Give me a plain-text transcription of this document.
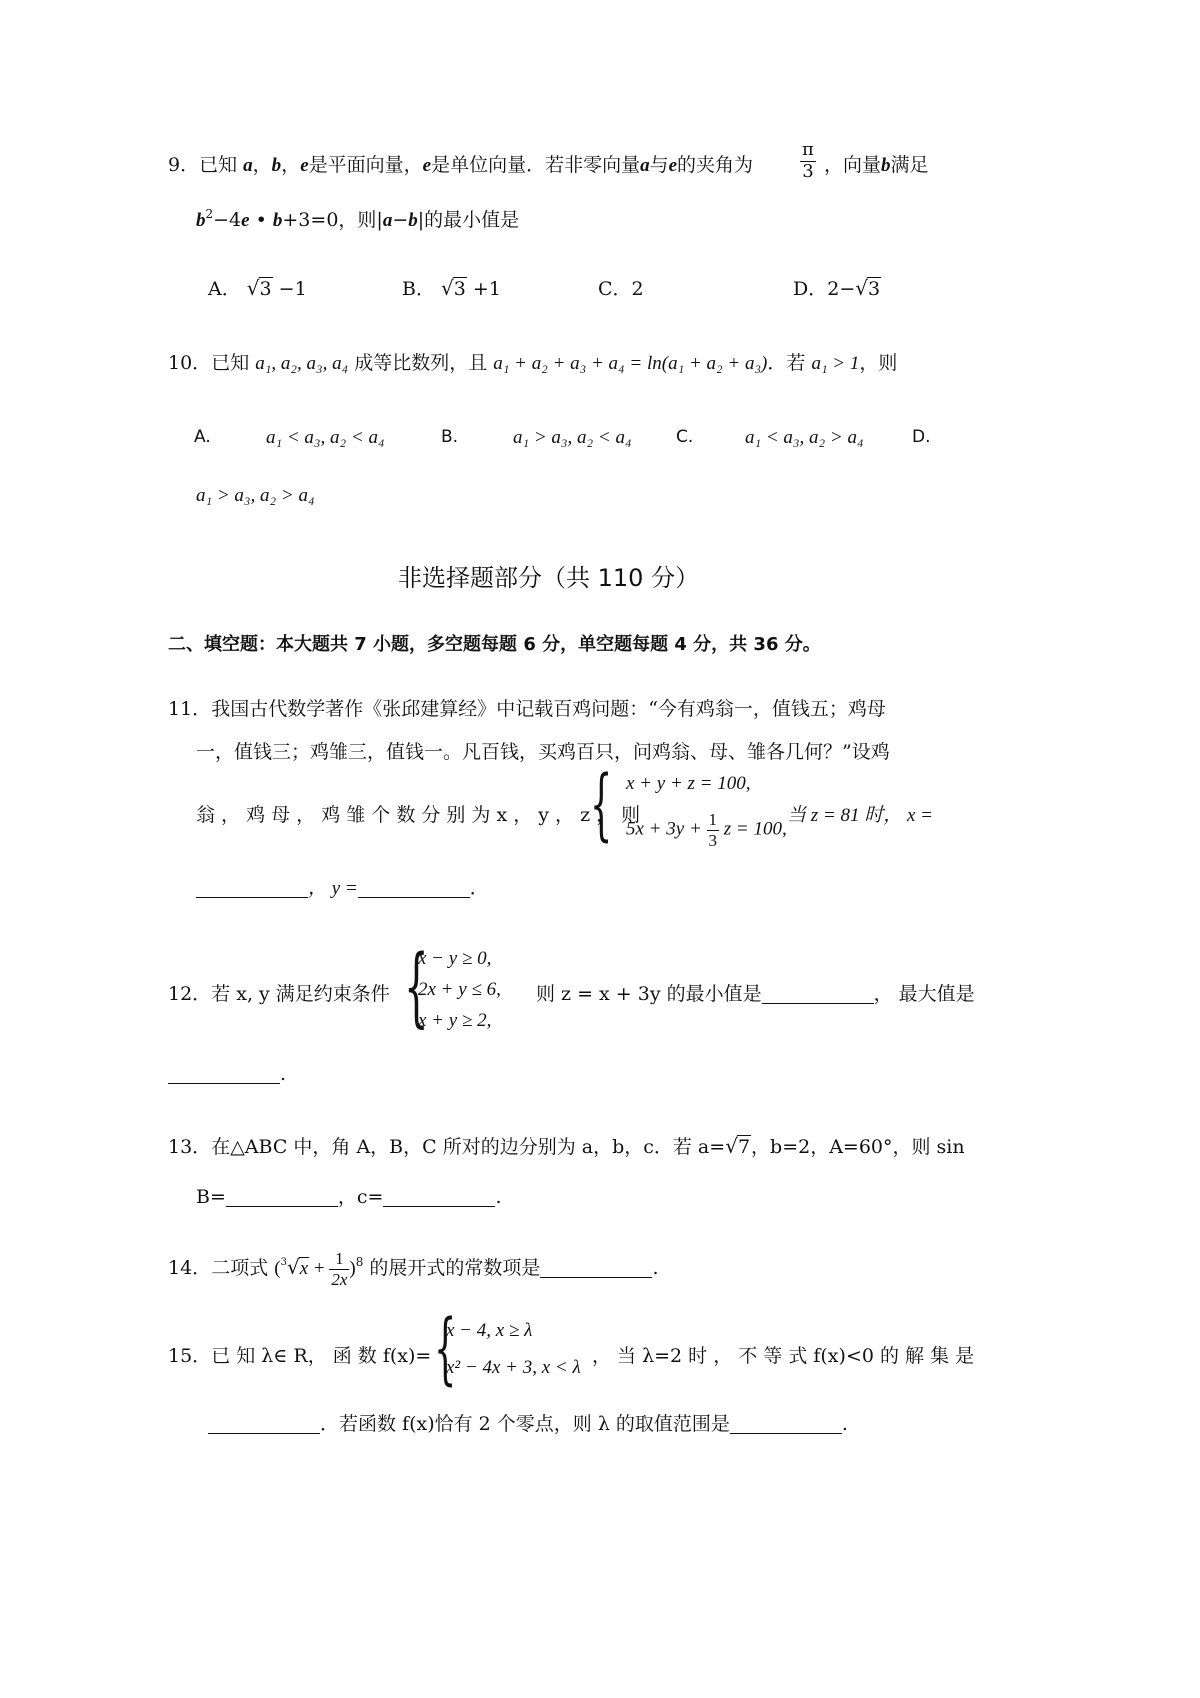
9．已知 a，b，e是平面向量，e是单位向量．若非零向量a与e的夹角为	$\frac{\pi}{3}$ ，向量b满足
$b^2-4e$ • b+3=0，则|a−b|的最小值是
A． √3 −1	B． √3 +1	C．2	D．2−√3
10．已知 a₁, a₂, a₃, a₄ 成等比数列，且 a₁ + a₂ + a₃ + a₄ = ln(a₁ + a₂ + a₃)．若 a₁ > 1，则
A.	a₁ < a₃, a₂ < a₄	B.	a₁ > a₃, a₂ < a₄	C.	a₁ < a₃, a₂ > a₄	D.
a₁ > a₃, a₂ > a₄
非选择题部分（共 110 分）
二、填空题：本大题共 7 小题，多空题每题 6 分，单空题每题 4 分，共 36 分。
11．我国古代数学著作《张邱建算经》中记载百鸡问题：“今有鸡翁一，值钱五；鸡母
一，值钱三；鸡雏三，值钱一。凡百钱，买鸡百只，问鸡翁、母、雏各几何？”设鸡
翁 ， 鸡 母 ， 鸡 雏 个 数 分 别 为 x ， y ， z ， 则
{ x + y + z = 100,
$5x + 3y + \frac{1}{3}$ z = 100,
当 z = 81 时， x =
， y =	．
{
x − y ≥ 0,
2x + y ≤ 6,
x + y ≥ 2,
12．若 x, y 满足约束条件	则 z = x + 3y 的最小值是	， 最大值是
.
13．在△ABC 中，角 A，B，C 所对的边分别为 a，b，c．若 a=√7，b=2，A=60°，则 sin
B=	，c=	.
14．二项式 $(^3√x + \frac{1}{2x} )^8$ 的展开式的常数项是	.
15．已 知 λ∈ R， 函 数 f(x)= {
x − 4, x ≥ λ
x² − 4x + 3, x < λ
， 当 λ=2 时 ， 不 等 式 f(x)<0 的 解 集 是
．若函数 f(x)恰有 2 个零点，则 λ 的取值范围是	.
